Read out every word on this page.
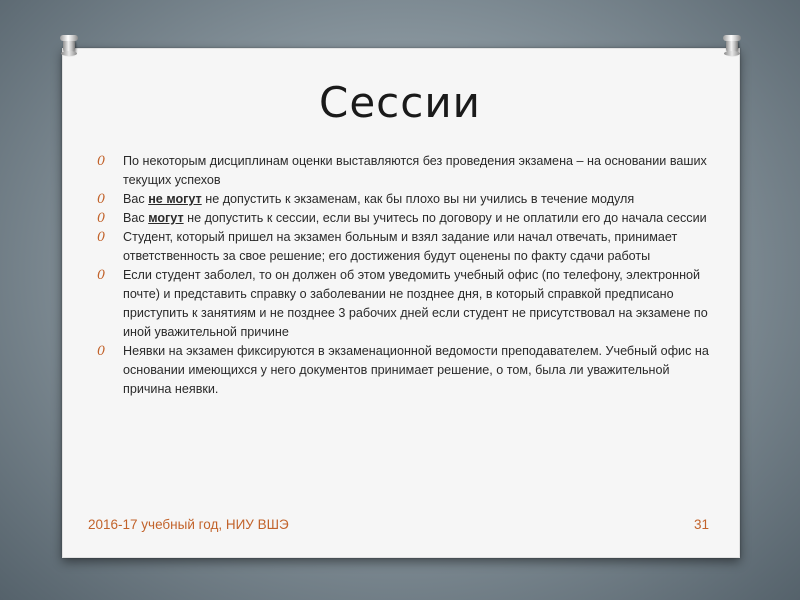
Сессии
0 По некоторым дисциплинам оценки выставляются без проведения экзамена – на основании ваших текущих успехов
0 Вас не могут не допустить к экзаменам, как бы плохо вы ни учились в течение модуля
0 Вас могут не допустить к сессии, если вы учитесь по договору и не оплатили его до начала сессии
0 Студент, который пришел на экзамен больным и взял задание или начал отвечать, принимает ответственность за свое решение; его достижения будут оценены по факту сдачи работы
0 Если студент заболел, то он должен об этом уведомить учебный офис (по телефону, электронной почте) и представить справку о заболевании не позднее дня, в который справкой предписано приступить к занятиям и не позднее 3 рабочих дней если студент не присутствовал на экзамене по иной уважительной причине
0 Неявки на экзамен фиксируются в экзаменационной ведомости преподавателем. Учебный офис на основании имеющихся у него документов принимает решение, о том, была ли уважительной причина неявки.
2016-17 учебный год, НИУ ВШЭ	31
